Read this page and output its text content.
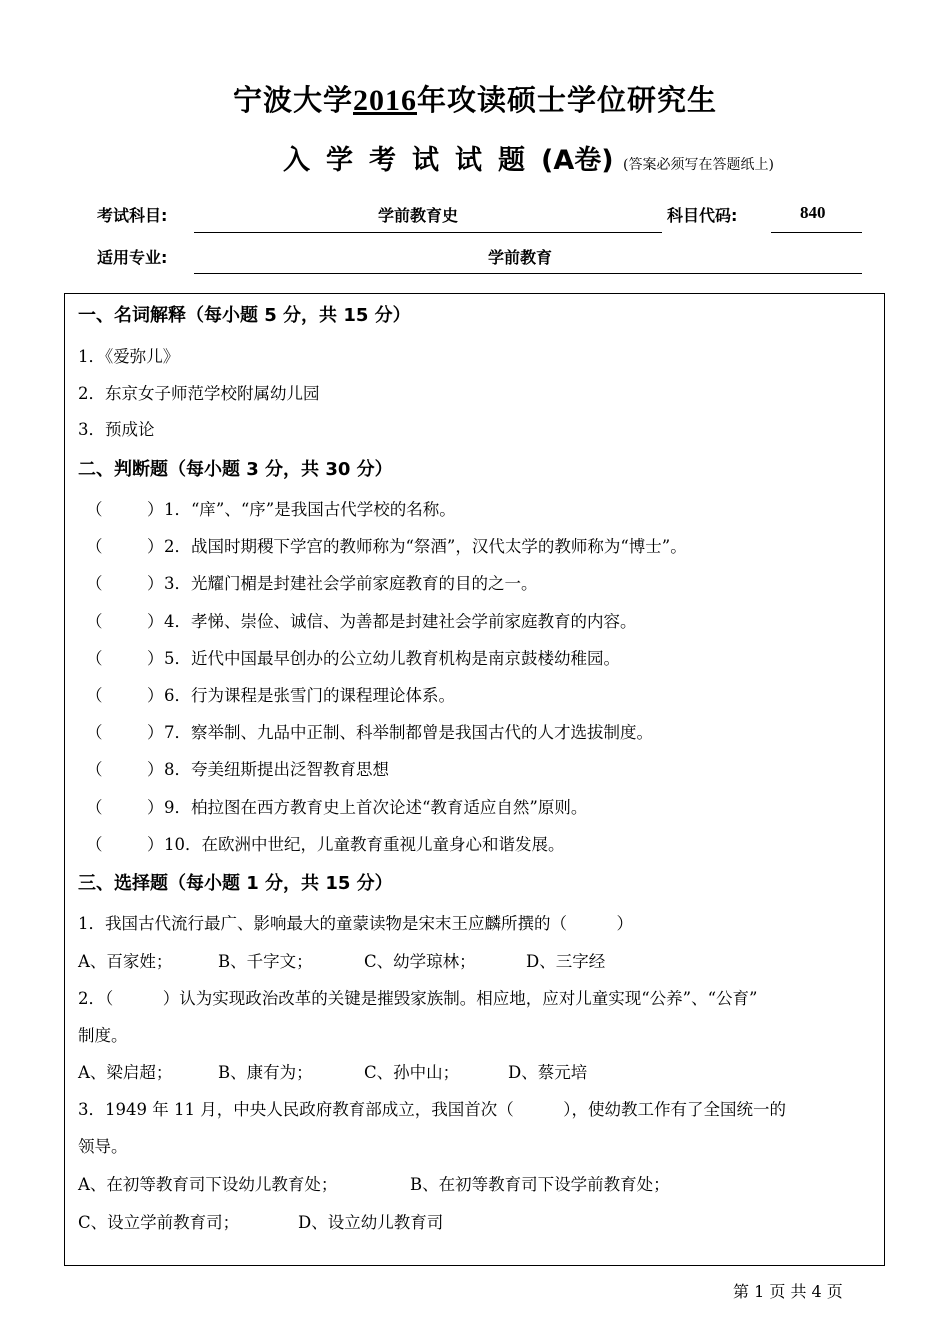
宁波大学2016年攻读硕士学位研究生
入学考试试题(A卷) (答案必须写在答题纸上)
考试科目:	学前教育史	科目代码:	840
适用专业:	学前教育
一、名词解释（每小题 5 分，共 15 分）
1．《爱弥儿》
2．东京女子师范学校附属幼儿园
3．预成论
二、判断题（每小题 3 分，共 30 分）
（	） 1．“庠”、“序”是我国古代学校的名称。
（	） 2．战国时期稷下学宫的教师称为“祭酒”，汉代太学的教师称为“博士”。
（	） 3．光耀门楣是封建社会学前家庭教育的目的之一。
（	） 4．孝悌、崇俭、诚信、为善都是封建社会学前家庭教育的内容。
（	） 5．近代中国最早创办的公立幼儿教育机构是南京鼓楼幼稚园。
（	） 6．行为课程是张雪门的课程理论体系。
（	） 7．察举制、九品中正制、科举制都曾是我国古代的人才选拔制度。
（	） 8．夸美纽斯提出泛智教育思想
（	） 9．柏拉图在西方教育史上首次论述“教育适应自然”原则。
（	） 10．在欧洲中世纪，儿童教育重视儿童身心和谐发展。
三、选择题（每小题 1 分，共 15 分）
1．我国古代流行最广、影响最大的童蒙读物是宋末王应麟所撰的（　　　）
A、百家姓；	B、千字文；	C、幼学琼林；	D、三字经
2．（　　　）认为实现政治改革的关键是摧毁家族制。相应地，应对儿童实现“公养”、“公育”
制度。
A、梁启超；	B、康有为；	C、孙中山；	D、蔡元培
3．1949 年 11 月，中央人民政府教育部成立，我国首次（　　　），使幼教工作有了全国统一的
领导。
A、在初等教育司下设幼儿教育处；	B、在初等教育司下设学前教育处；
C、设立学前教育司；	D、设立幼儿教育司
第 1 页 共 4 页
